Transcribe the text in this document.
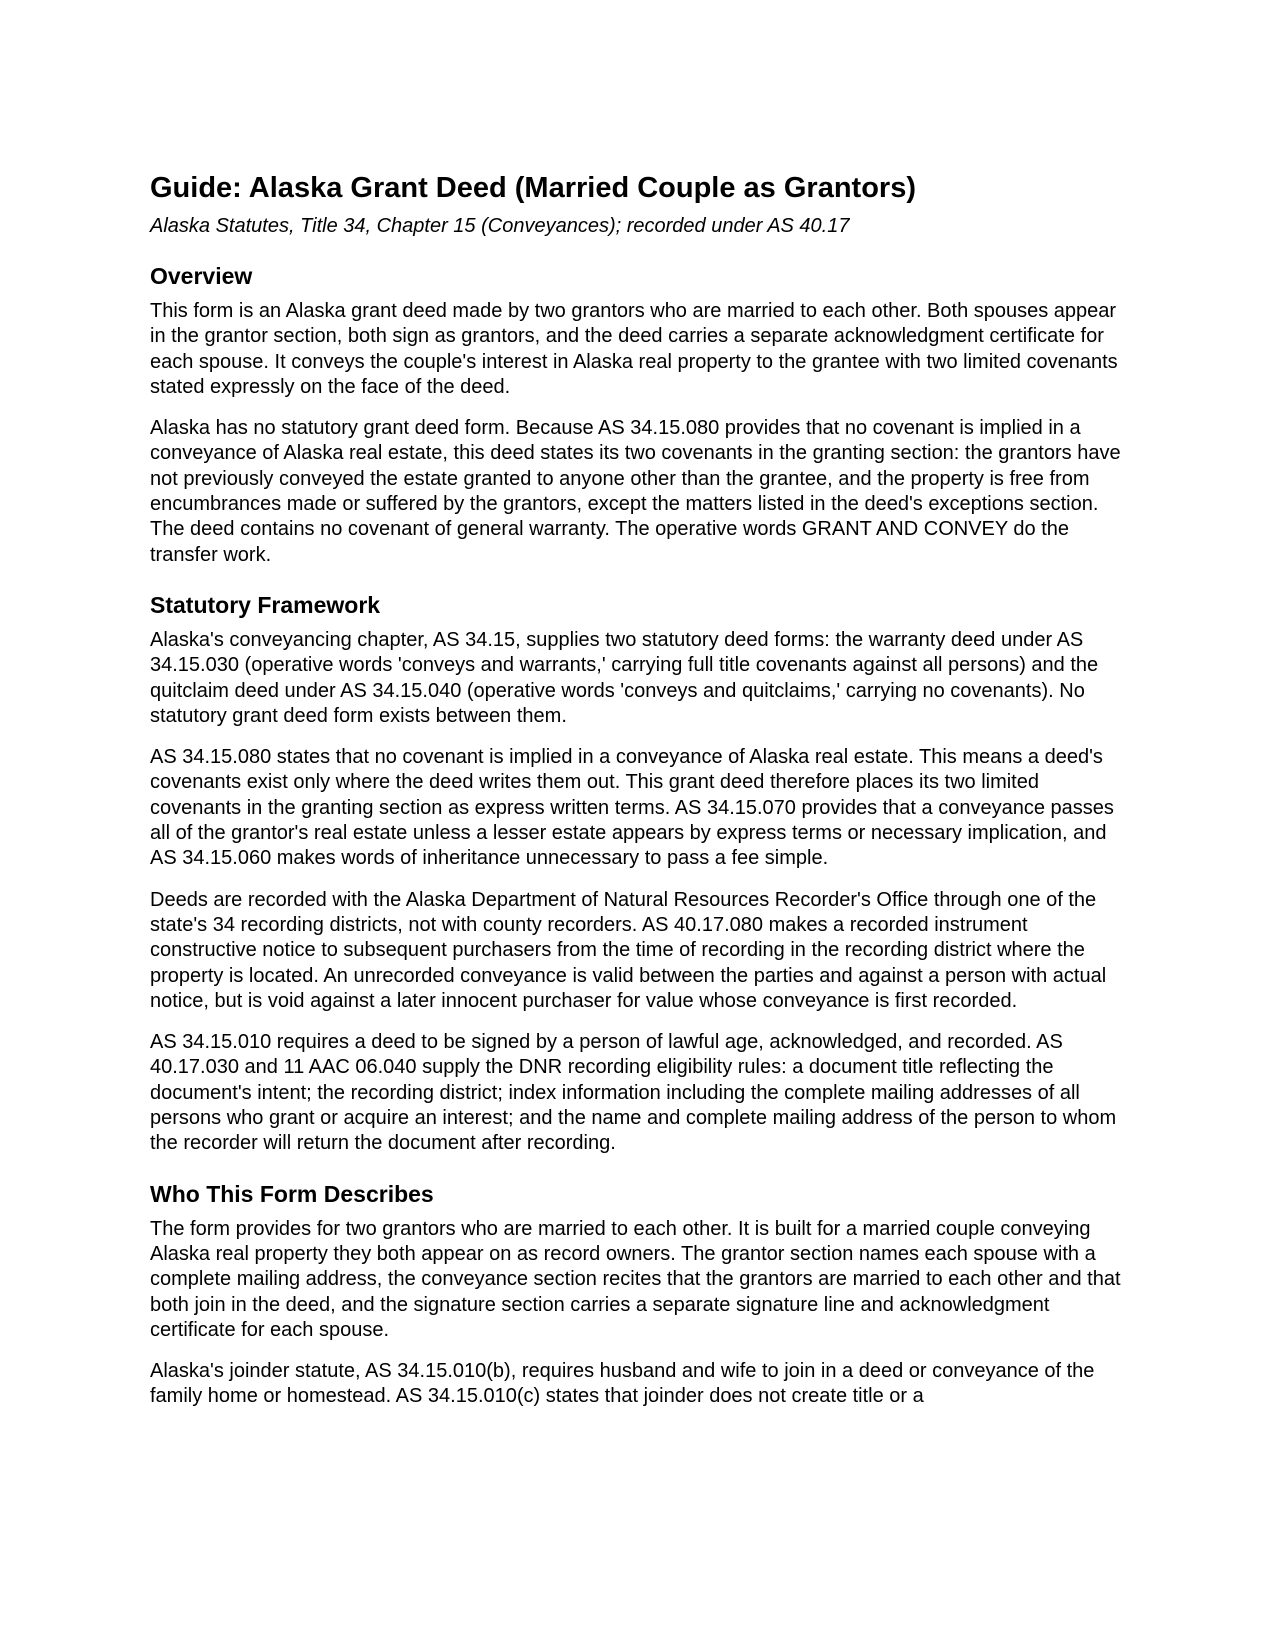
Guide: Alaska Grant Deed (Married Couple as Grantors)
Alaska Statutes, Title 34, Chapter 15 (Conveyances); recorded under AS 40.17
Overview

This form is an Alaska grant deed made by two grantors who are married to each other. Both spouses appear in the grantor section, both sign as grantors, and the deed carries a separate acknowledgment certificate for each spouse. It conveys the couple's interest in Alaska real property to the grantee with two limited covenants stated expressly on the face of the deed.

Alaska has no statutory grant deed form. Because AS 34.15.080 provides that no covenant is implied in a conveyance of Alaska real estate, this deed states its two covenants in the granting section: the grantors have not previously conveyed the estate granted to anyone other than the grantee, and the property is free from encumbrances made or suffered by the grantors, except the matters listed in the deed's exceptions section. The deed contains no covenant of general warranty. The operative words GRANT AND CONVEY do the transfer work.

Statutory Framework

Alaska's conveyancing chapter, AS 34.15, supplies two statutory deed forms: the warranty deed under AS 34.15.030 (operative words 'conveys and warrants,' carrying full title covenants against all persons) and the quitclaim deed under AS 34.15.040 (operative words 'conveys and quitclaims,' carrying no covenants). No statutory grant deed form exists between them.

AS 34.15.080 states that no covenant is implied in a conveyance of Alaska real estate. This means a deed's covenants exist only where the deed writes them out. This grant deed therefore places its two limited covenants in the granting section as express written terms. AS 34.15.070 provides that a conveyance passes all of the grantor's real estate unless a lesser estate appears by express terms or necessary implication, and AS 34.15.060 makes words of inheritance unnecessary to pass a fee simple.

Deeds are recorded with the Alaska Department of Natural Resources Recorder's Office through one of the state's 34 recording districts, not with county recorders. AS 40.17.080 makes a recorded instrument constructive notice to subsequent purchasers from the time of recording in the recording district where the property is located. An unrecorded conveyance is valid between the parties and against a person with actual notice, but is void against a later innocent purchaser for value whose conveyance is first recorded.

AS 34.15.010 requires a deed to be signed by a person of lawful age, acknowledged, and recorded. AS 40.17.030 and 11 AAC 06.040 supply the DNR recording eligibility rules: a document title reflecting the document's intent; the recording district; index information including the complete mailing addresses of all persons who grant or acquire an interest; and the name and complete mailing address of the person to whom the recorder will return the document after recording.

Who This Form Describes

The form provides for two grantors who are married to each other. It is built for a married couple conveying Alaska real property they both appear on as record owners. The grantor section names each spouse with a complete mailing address, the conveyance section recites that the grantors are married to each other and that both join in the deed, and the signature section carries a separate signature line and acknowledgment certificate for each spouse.

Alaska's joinder statute, AS 34.15.010(b), requires husband and wife to join in a deed or conveyance of the family home or homestead. AS 34.15.010(c) states that joinder does not create title or a
